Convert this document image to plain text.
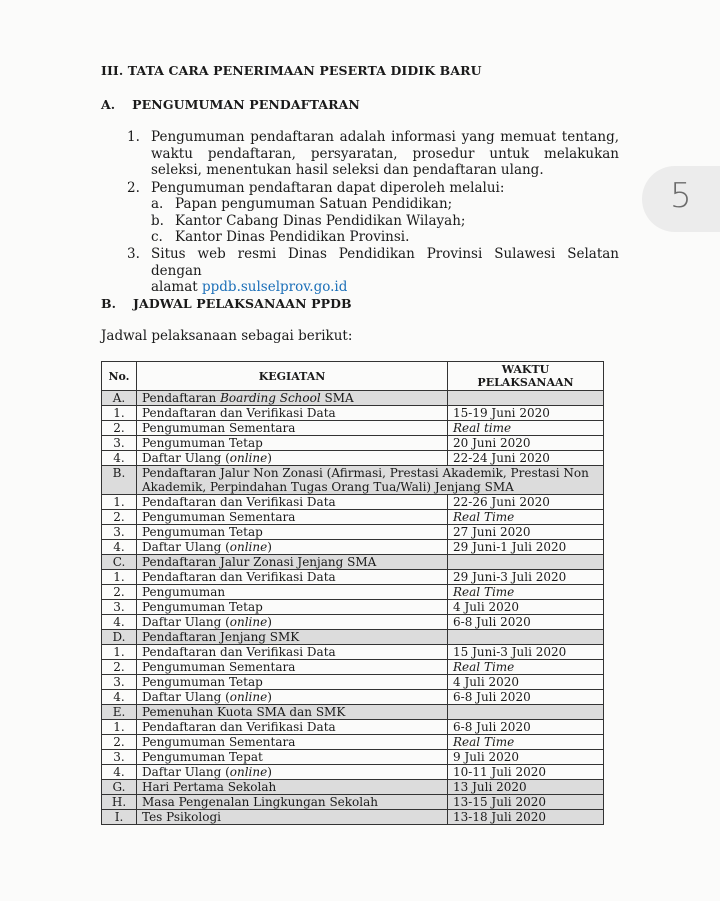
III. TATA CARA PENERIMAAN PESERTA DIDIK BARU
A. PENGUMUMAN PENDAFTARAN
1. Pengumuman pendaftaran adalah informasi yang memuat tentang, waktu pendaftaran, persyaratan, prosedur untuk melakukan seleksi, menentukan hasil seleksi dan pendaftaran ulang.
2. Pengumuman pendaftaran dapat diperoleh melalui:
a. Papan pengumuman Satuan Pendidikan;
b. Kantor Cabang Dinas Pendidikan Wilayah;
c. Kantor Dinas Pendidikan Provinsi.
3. Situs web resmi Dinas Pendidikan Provinsi Sulawesi Selatan dengan
alamat ppdb.sulselprov.go.id
B. JADWAL PELAKSANAAN PPDB
Jadwal pelaksanaan sebagai berikut:
No.	KEGIATAN	WAKTU
PELAKSANAAN

A.	Pendaftaran Boarding School SMA	
1.	Pendaftaran dan Verifikasi Data	15-19 Juni 2020
2.	Pengumuman Sementara	Real time
3.	Pengumuman Tetap	20 Juni 2020
4.	Daftar Ulang (online)	22-24 Juni 2020
B.	Pendaftaran Jalur Non Zonasi (Afirmasi, Prestasi Akademik, Prestasi Non Akademik, Perpindahan Tugas Orang Tua/Wali) Jenjang SMA	
1.	Pendaftaran dan Verifikasi Data	22-26 Juni 2020
2.	Pengumuman Sementara	Real Time
3.	Pengumuman Tetap	27 Juni 2020
4.	Daftar Ulang (online)	29 Juni-1 Juli 2020
C.	Pendaftaran Jalur Zonasi Jenjang SMA	
1.	Pendaftaran dan Verifikasi Data	29 Juni-3 Juli 2020
2.	Pengumuman	Real Time
3.	Pengumuman Tetap	4 Juli 2020
4.	Daftar Ulang (online)	6-8 Juli 2020
D.	Pendaftaran Jenjang SMK	
1.	Pendaftaran dan Verifikasi Data	15 Juni-3 Juli 2020
2.	Pengumuman Sementara	Real Time
3.	Pengumuman Tetap	4 Juli 2020
4.	Daftar Ulang (online)	6-8 Juli 2020
E.	Pemenuhan Kuota SMA dan SMK	
1.	Pendaftaran dan Verifikasi Data	6-8 Juli 2020
2.	Pengumuman Sementara	Real Time
3.	Pengumuman Tepat	9 Juli 2020
4.	Daftar Ulang (online)	10-11 Juli 2020
G.	Hari Pertama Sekolah	13 Juli 2020
H.	Masa Pengenalan Lingkungan Sekolah	13-15 Juli 2020
I.	Tes Psikologi	13-18 Juli 2020
5
